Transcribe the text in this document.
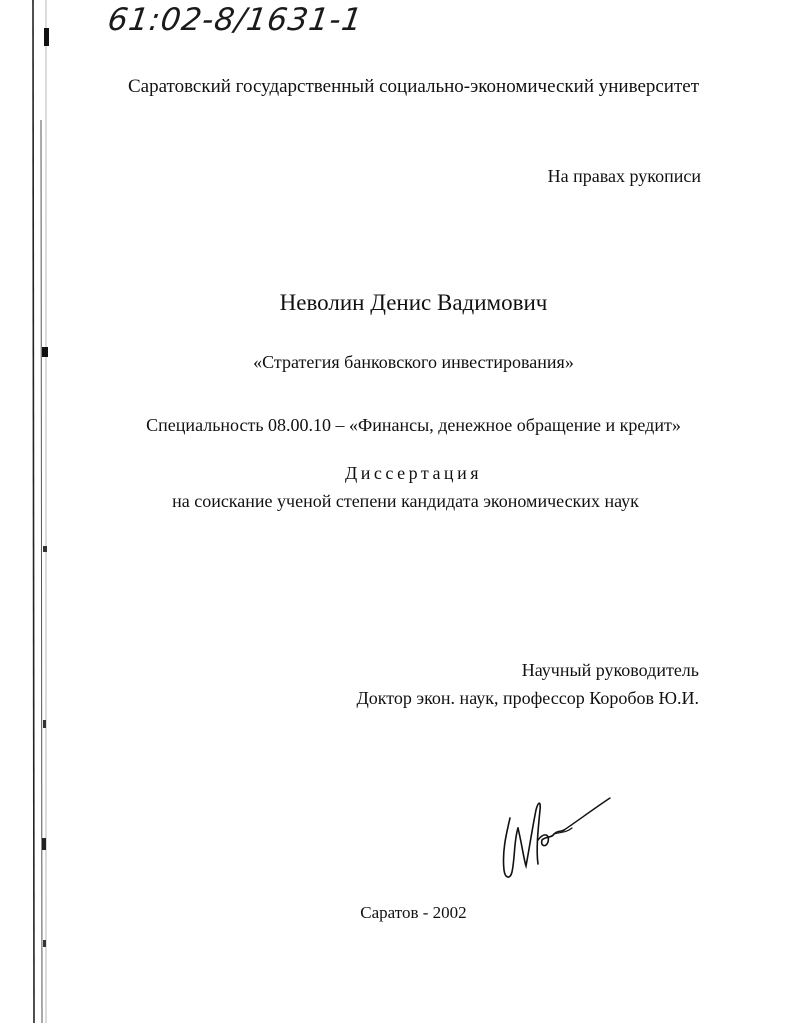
61:02-8/1631-1
Саратовский государственный социально-экономический университет
На правах рукописи
Неволин Денис Вадимович
«Стратегия банковского инвестирования»
Специальность 08.00.10 – «Финансы, денежное обращение и кредит»
Диссертация
на соискание ученой степени кандидата экономических наук
Научный руководитель
Доктор экон. наук, профессор Коробов Ю.И.
Саратов - 2002
